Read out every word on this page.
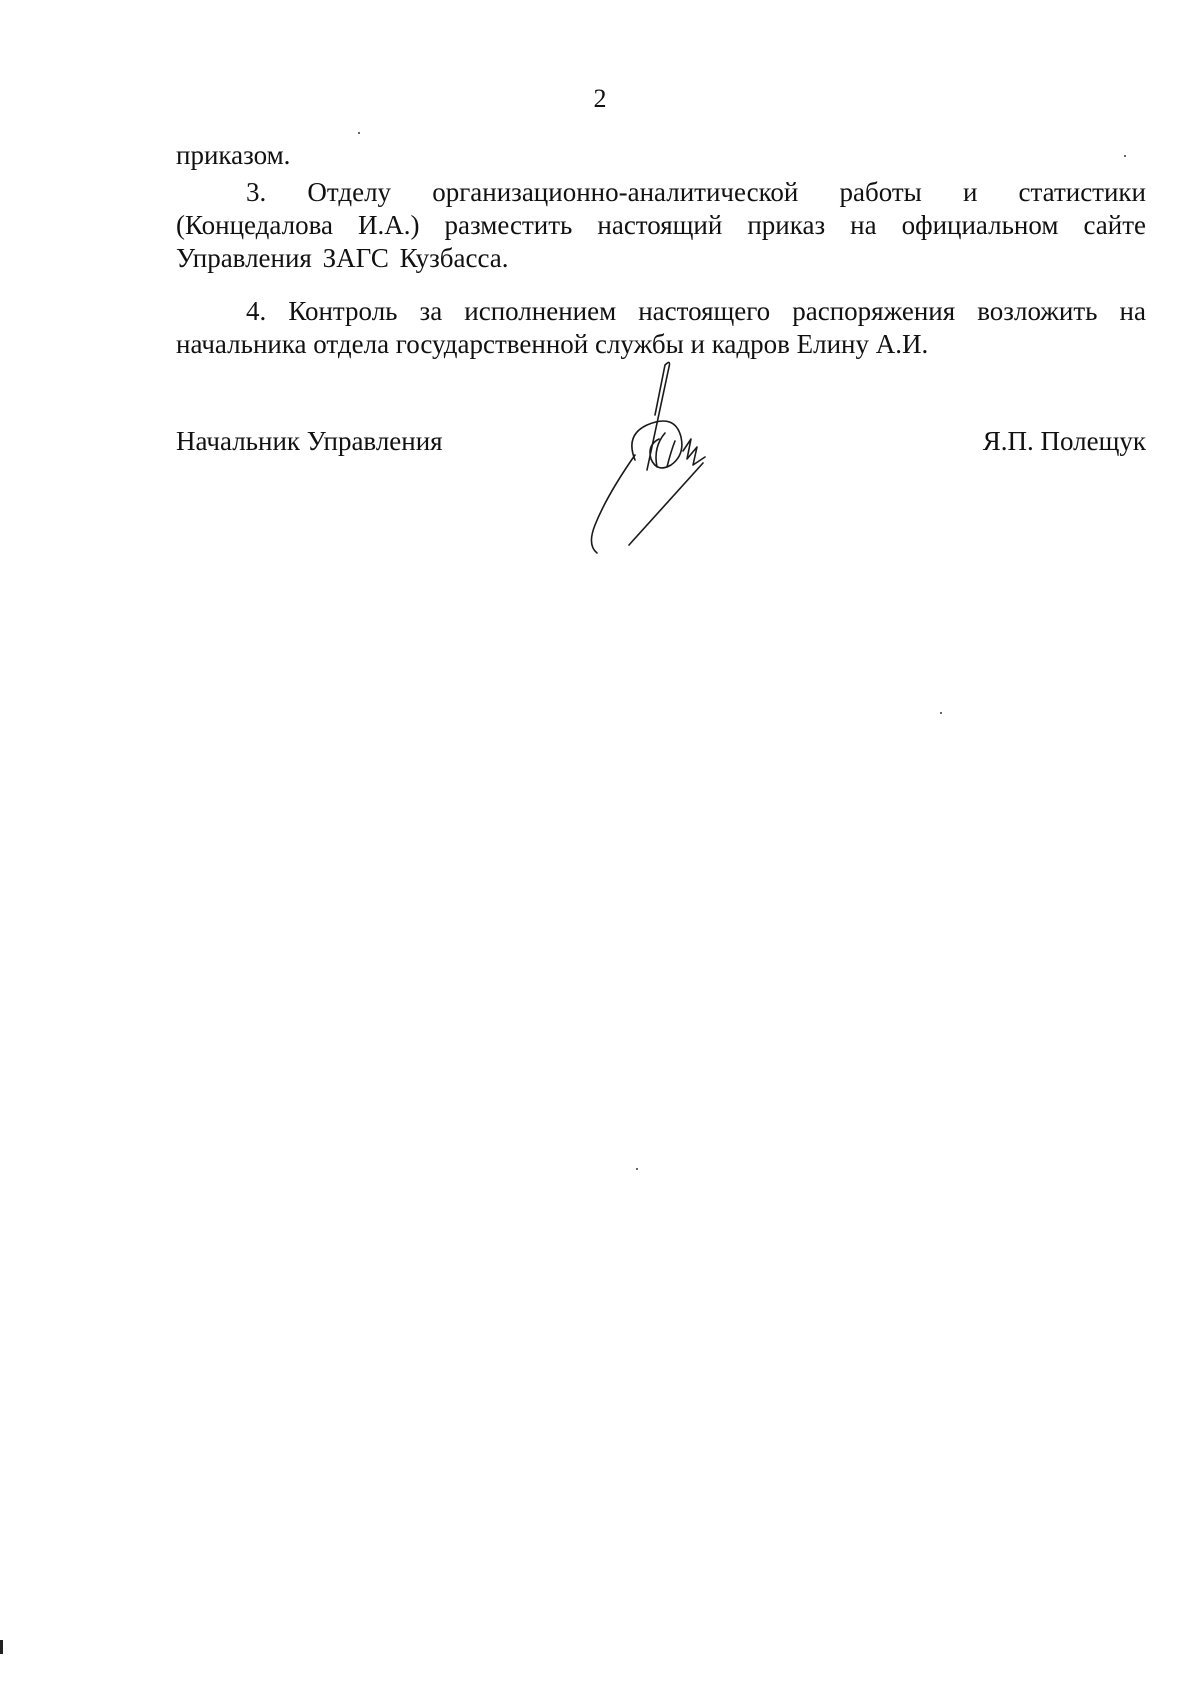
2
приказом.
3. Отделу организационно-аналитической работы и статистики (Концедалова И.А.) разместить настоящий приказ на официальном сайте Управления ЗАГС Кузбасса.
4. Контроль за исполнением настоящего распоряжения возложить на начальника отдела государственной службы и кадров Елину А.И.
Начальник Управления	Я.П. Полещук
